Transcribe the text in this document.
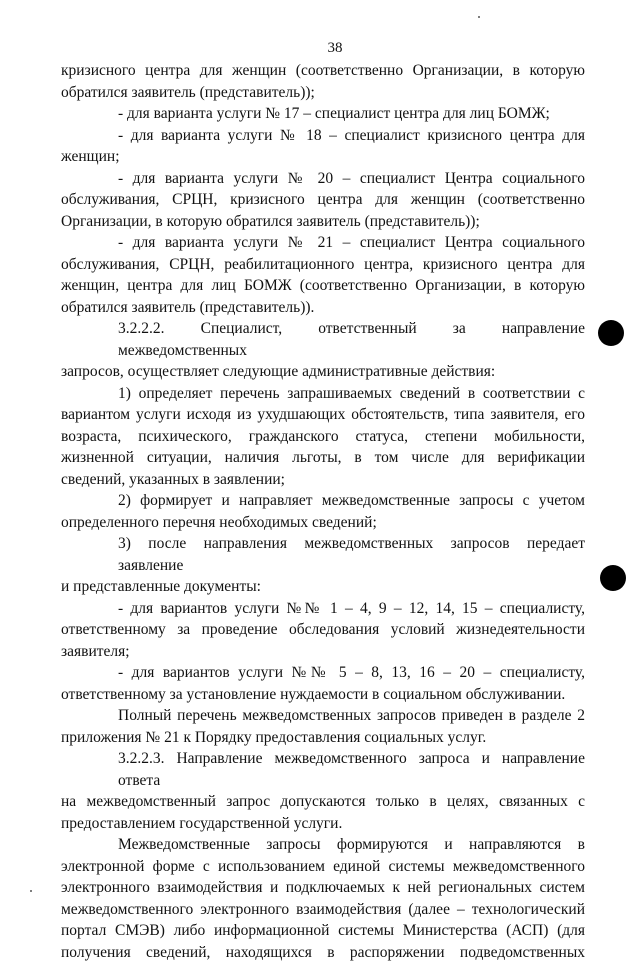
38

кризисного центра для женщин (соответственно Организации, в которую
обратился заявитель (представитель));

- для варианта услуги № 17 – специалист центра для лиц БОМЖ;

- для варианта услуги № 18 – специалист кризисного центра для
женщин;

- для варианта услуги № 20 – специалист Центра социального
обслуживания, СРЦН, кризисного центра для женщин (соответственно
Организации, в которую обратился заявитель (представитель));

- для варианта услуги № 21 – специалист Центра социального
обслуживания, СРЦН, реабилитационного центра, кризисного центра для
женщин, центра для лиц БОМЖ (соответственно Организации, в которую
обратился заявитель (представитель)).

3.2.2.2. Специалист, ответственный за направление межведомственных
запросов, осуществляет следующие административные действия:

1) определяет перечень запрашиваемых сведений в соответствии с
вариантом услуги исходя из ухудшающих обстоятельств, типа заявителя, его
возраста, психического, гражданского статуса, степени мобильности,
жизненной ситуации, наличия льготы, в том числе для верификации
сведений, указанных в заявлении;

2) формирует и направляет межведомственные запросы с учетом
определенного перечня необходимых сведений;

3) после направления межведомственных запросов передает заявление
и представленные документы:

- для вариантов услуги №№ 1 – 4, 9 – 12, 14, 15 – специалисту,
ответственному за проведение обследования условий жизнедеятельности
заявителя;

- для вариантов услуги №№ 5 – 8, 13, 16 – 20 – специалисту,
ответственному за установление нуждаемости в социальном обслуживании.

Полный перечень межведомственных запросов приведен в разделе 2
приложения № 21 к Порядку предоставления социальных услуг.

3.2.2.3. Направление межведомственного запроса и направление ответа
на межведомственный запрос допускаются только в целях, связанных с
предоставлением государственной услуги.

Межведомственные запросы формируются и направляются в
электронной форме с использованием единой системы межведомственного
электронного взаимодействия и подключаемых к ней региональных систем
межведомственного электронного взаимодействия (далее – технологический
портал СМЭВ) либо информационной системы Министерства (АСП) (для
получения сведений, находящихся в распоряжении подведомственных
